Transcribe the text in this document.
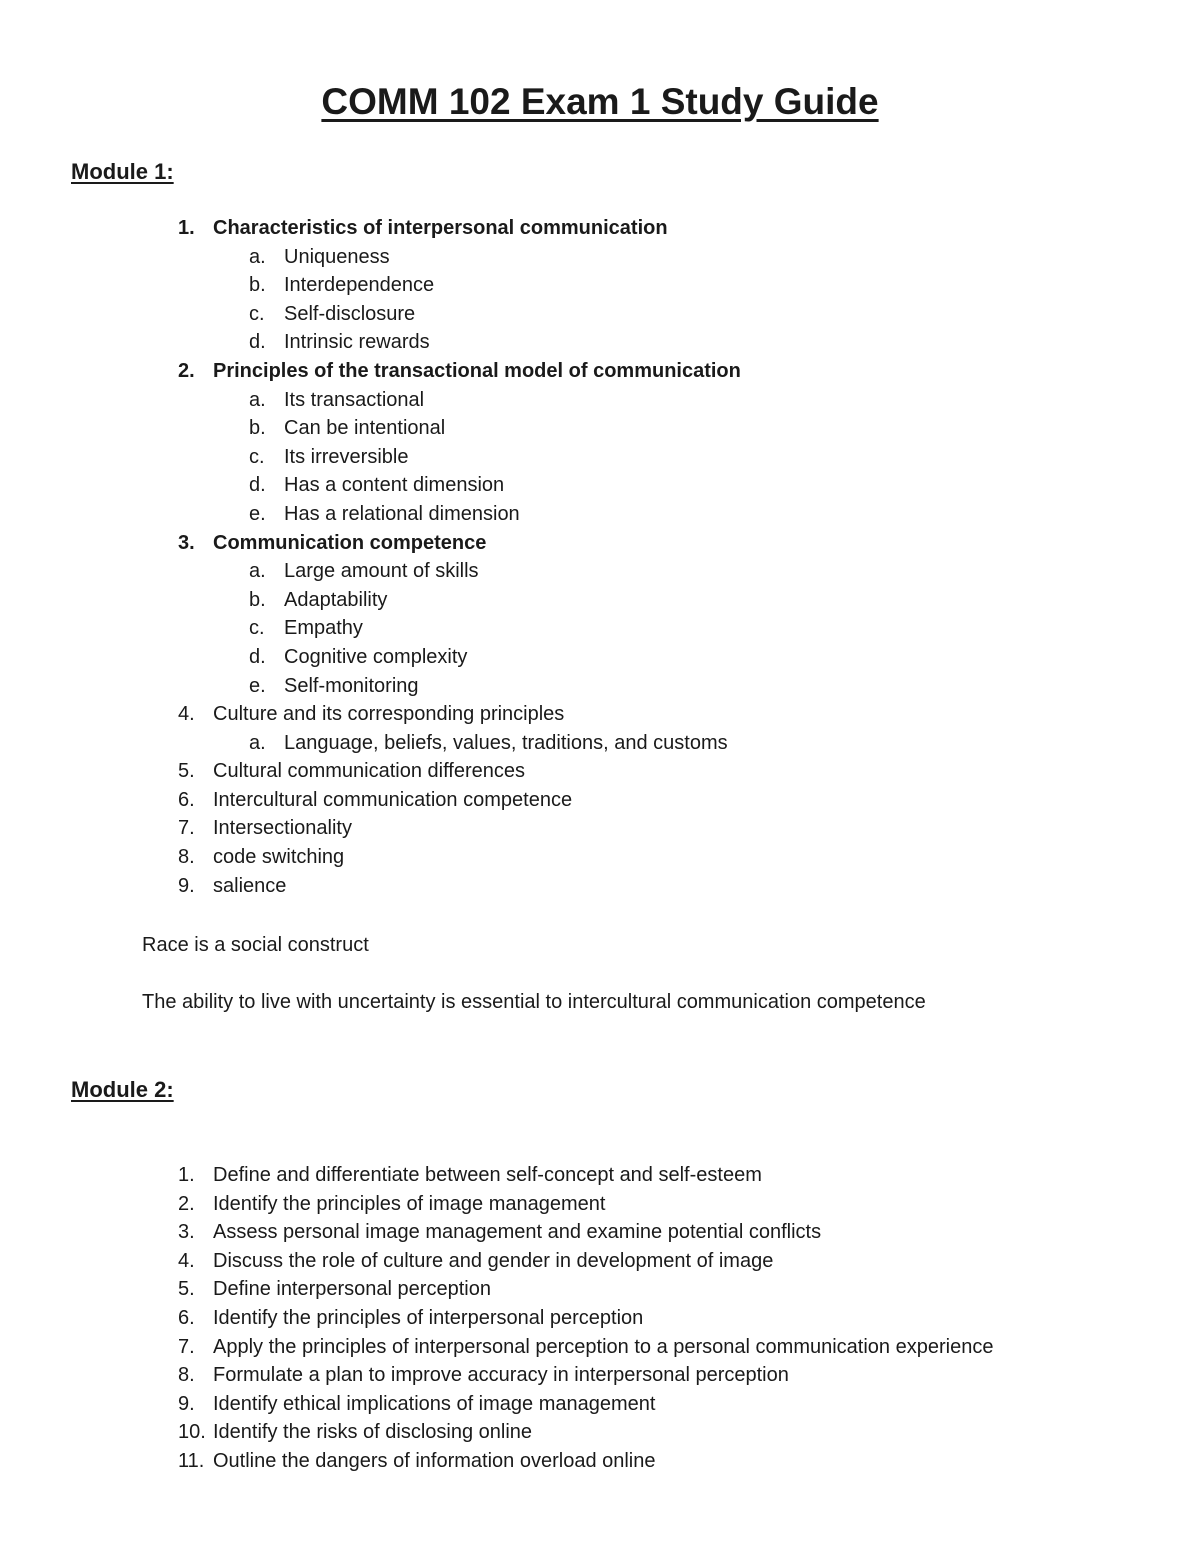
COMM 102 Exam 1 Study Guide
Module 1:
1. Characteristics of interpersonal communication
a. Uniqueness
b. Interdependence
c. Self-disclosure
d. Intrinsic rewards
2. Principles of the transactional model of communication
a. Its transactional
b. Can be intentional
c. Its irreversible
d. Has a content dimension
e. Has a relational dimension
3. Communication competence
a. Large amount of skills
b. Adaptability
c. Empathy
d. Cognitive complexity
e. Self-monitoring
4. Culture and its corresponding principles
a. Language, beliefs, values, traditions, and customs
5. Cultural communication differences
6. Intercultural communication competence
7. Intersectionality
8. code switching
9. salience

Race is a social construct

The ability to live with uncertainty is essential to intercultural communication competence

Module 2:
1. Define and differentiate between self-concept and self-esteem
2. Identify the principles of image management
3. Assess personal image management and examine potential conflicts
4. Discuss the role of culture and gender in development of image
5. Define interpersonal perception
6. Identify the principles of interpersonal perception
7. Apply the principles of interpersonal perception to a personal communication experience
8. Formulate a plan to improve accuracy in interpersonal perception
9. Identify ethical implications of image management
10. Identify the risks of disclosing online
11. Outline the dangers of information overload online
